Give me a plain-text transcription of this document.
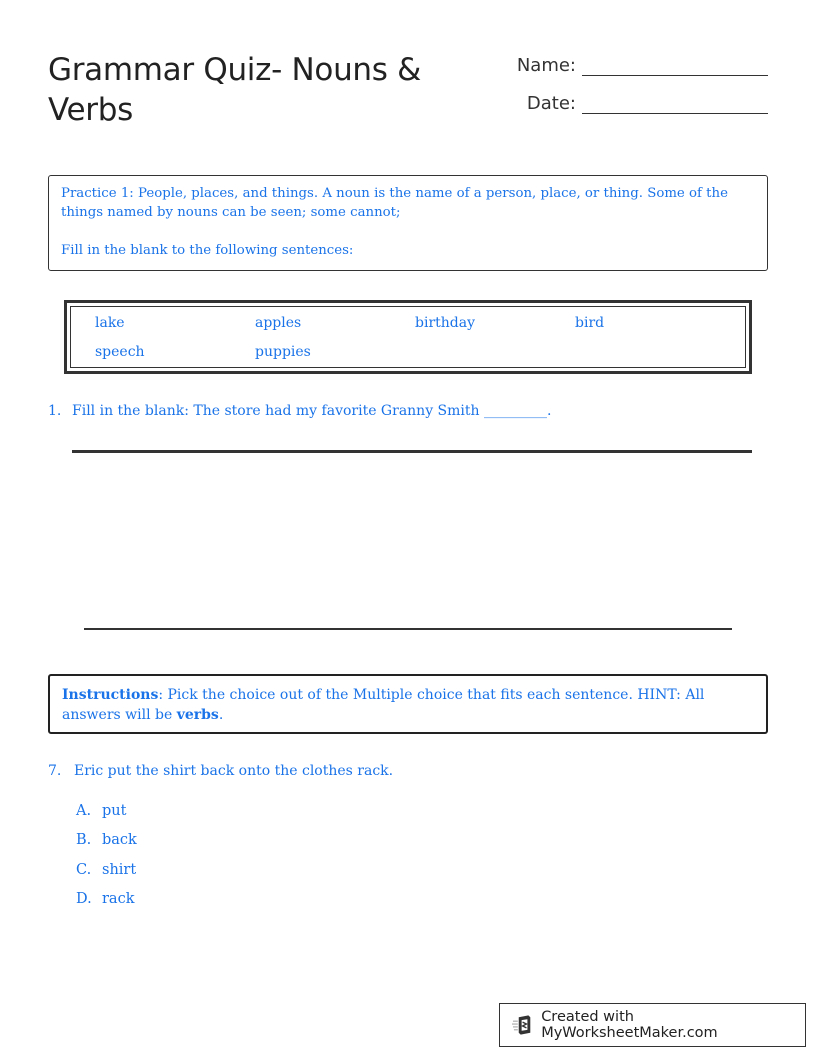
Grammar Quiz- Nouns & Verbs
Name:
Date:

Practice 1: People, places, and things. A noun is the name of a person, place, or thing. Some of the things named by nouns can be seen; some cannot;

Fill in the blank to the following sentences:

lake	apples	birthday	bird
speech	puppies
1. Fill in the blank: The store had my favorite Granny Smith _________.
Instructions: Pick the choice out of the Multiple choice that fits each sentence. HINT: All answers will be verbs.
7. Eric put the shirt back onto the clothes rack.
A. put
B. back
C. shirt
D. rack
Created with MyWorksheetMaker.com
